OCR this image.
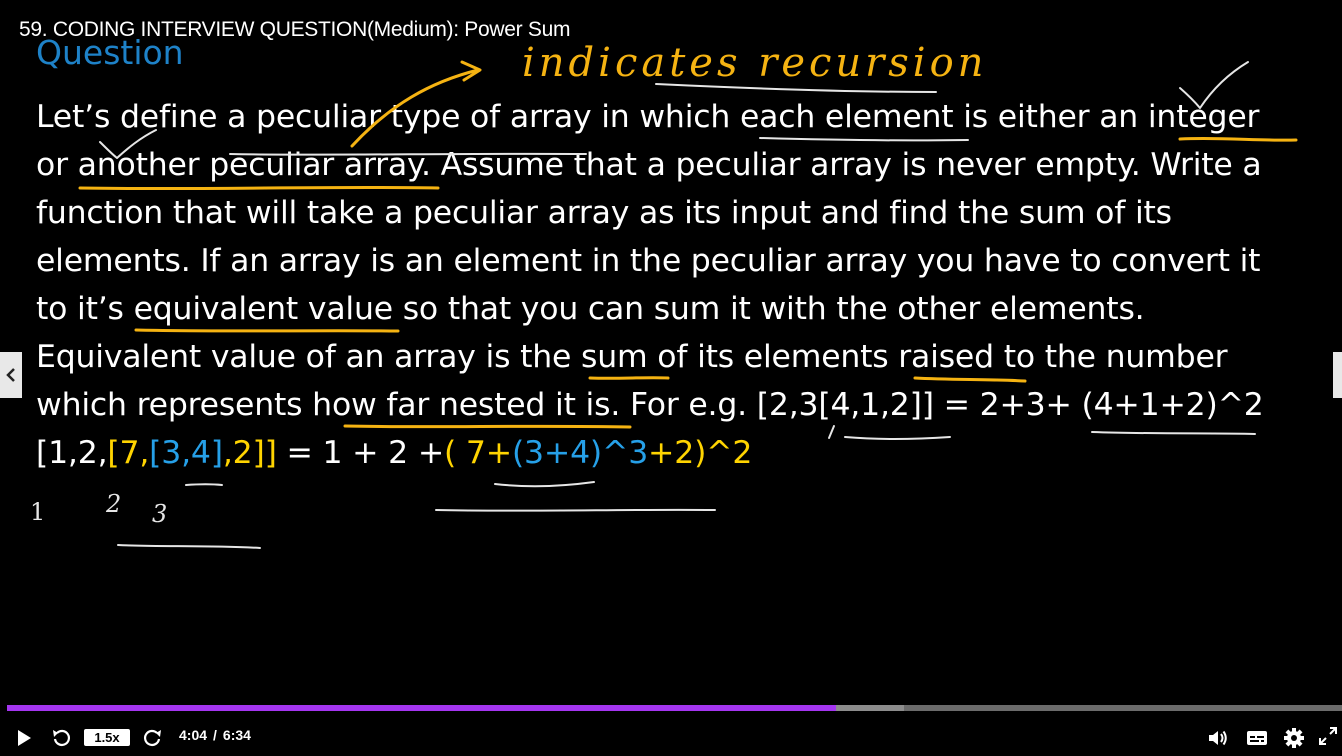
59. CODING INTERVIEW QUESTION(Medium): Power Sum
Question
Let’s define a peculiar type of array in which each element is either an integer
or another peculiar array. Assume that a peculiar array is never empty. Write a
function that will take a peculiar array as its input and find the sum of its
elements. If an array is an element in the peculiar array you have to convert it
to it’s equivalent value so that you can sum it with the other elements.
Equivalent value of an array is the sum of its elements raised to the number
which represents how far nested it is. For e.g. [2,3[4,1,2]] = 2+3+ (4+1+2)^2
[1,2,[7,[3,4],2]] = 1 + 2 +( 7+(3+4)^3+2)^2
indicates recursion
1	2 3
1.5x	4:04 / 6:34
